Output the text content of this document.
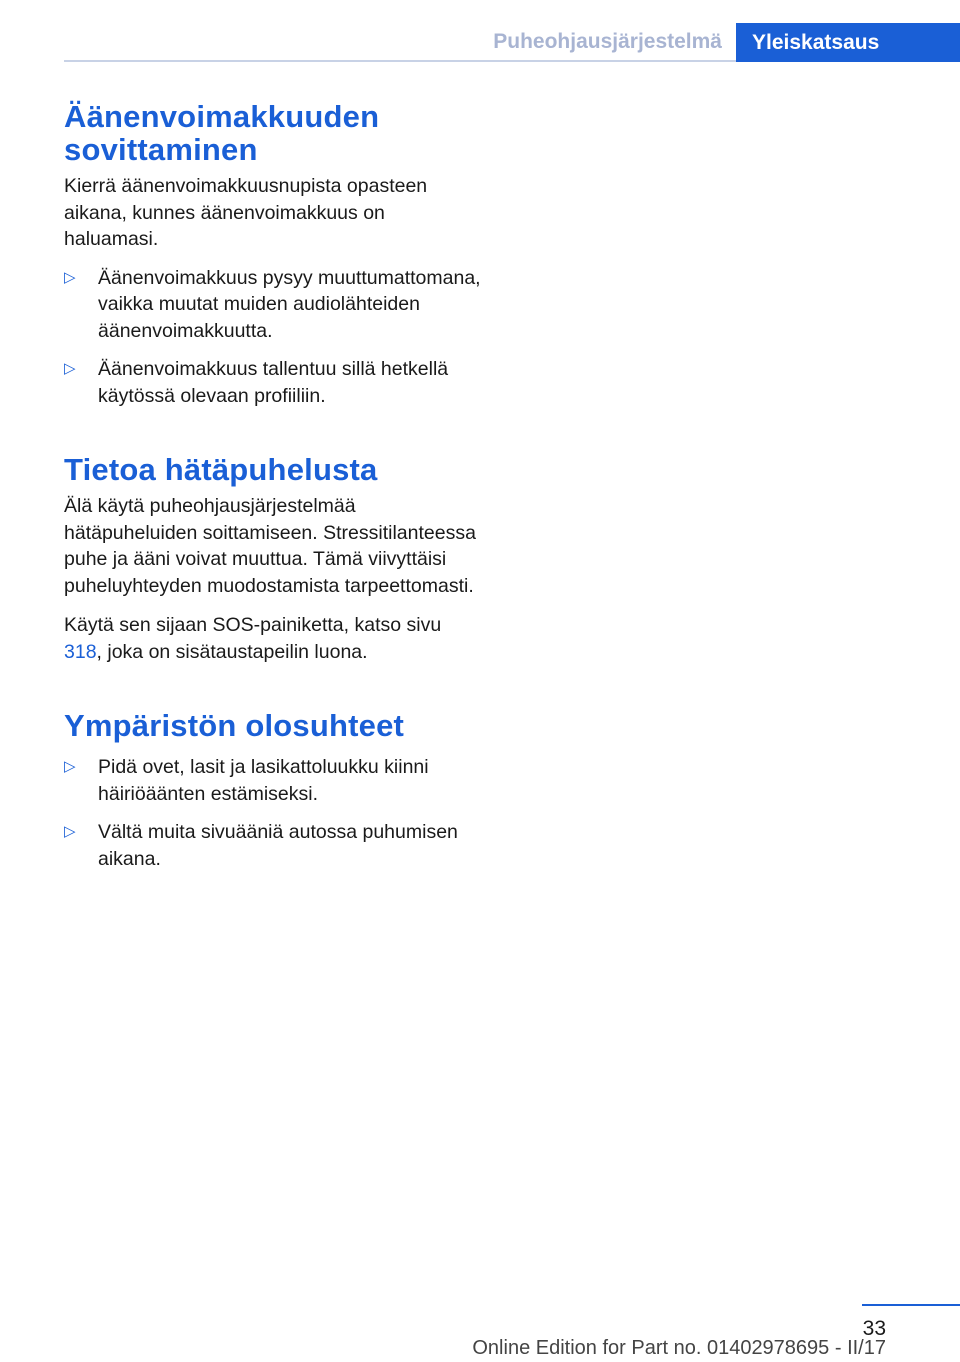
Puheohjausjärjestelmä	Yleiskatsaus
Äänenvoimakkuuden sovittaminen

Kierrä äänenvoimakkuusnupista opasteen aikana, kunnes äänenvoimakkuus on haluamasi.

▷	Äänenvoimakkuus pysyy muuttumattomana, vaikka muutat muiden audiolähteiden äänenvoimakkuutta.
▷	Äänenvoimakkuus tallentuu sillä hetkellä käytössä olevaan profiiliin.
Tietoa hätäpuhelusta

Älä käytä puheohjausjärjestelmää hätäpuheluiden soittamiseen. Stressitilanteessa puhe ja ääni voivat muuttua. Tämä viivyttäisi puheluyhteyden muodostamista tarpeettomasti.

Käytä sen sijaan SOS-painiketta, katso sivu 318, joka on sisätaustapeilin luona.

Ympäristön olosuhteet
▷	Pidä ovet, lasit ja lasikattoluukku kiinni häiriöäänten estämiseksi.
▷	Vältä muita sivuääniä autossa puhumisen aikana.
33
Online Edition for Part no. 01402978695 - II/17
